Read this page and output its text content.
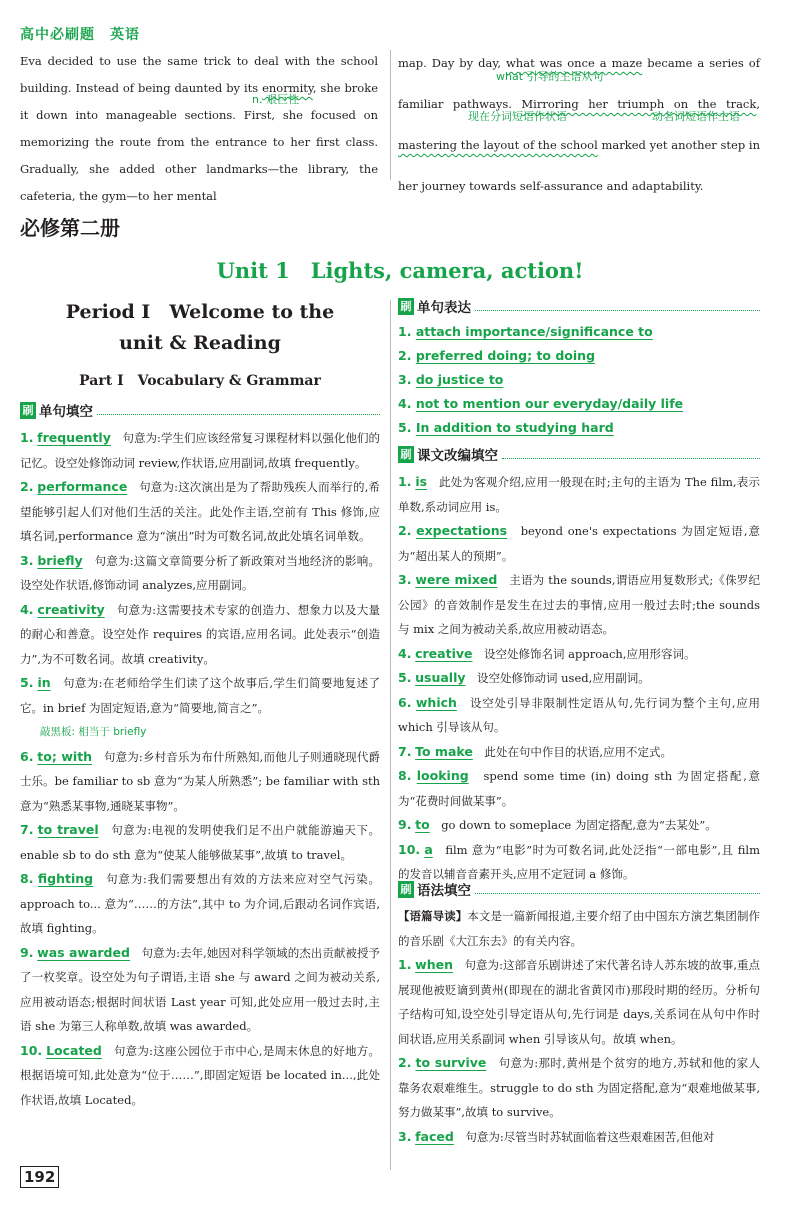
高中必刷题　 英语

Eva decided to use the same trick to deal with the school building. Instead of being daunted by its enormity, she broke it down into manageable sections. First, she focused on memorizing the route from the entrance to her first class. Gradually, she added other landmarks—the library, the cafeteria, the gym—to her mental

n. 艰巨性

map. Day by day, what was once a maze became a series of familiar pathways. Mirroring her triumph on the track, mastering the layout of the school marked yet another step in her journey towards self-assurance and adaptability.

what 引导的主语从句
现在分词短语作状语	动名词短语作主语
必修第二册
Unit 1　Lights, camera, action!
Period Ⅰ　Welcome to the
unit & Reading
Part Ⅰ　Vocabulary & Grammar
刷 单句填空

1. frequently　 句意为:学生们应该经常复习课程材料以强化他们的记忆。设空处修饰动词 review,作状语,应用副词,故填 frequently。

2. performance　 句意为:这次演出是为了帮助残疾人而举行的,希望能够引起人们对他们生活的关注。此处作主语,空前有 This 修饰,应填名词,performance 意为“演出”时为可数名词,故此处填名词单数。

3. briefly　 句意为:这篇文章简要分析了新政策对当地经济的影响。设空处作状语,修饰动词 analyzes,应用副词。

4. creativity　 句意为:这需要技术专家的创造力、想象力以及大量的耐心和善意。设空处作 requires 的宾语,应用名词。此处表示“创造力”,为不可数名词。故填 creativity。

5. in　 句意为:在老师给学生们读了这个故事后,学生们简要地复述了它。in brief 为固定短语,意为“简要地,简言之”。

敲黑板: 相当于 briefly

6. to; with　 句意为:乡村音乐为布什所熟知,而他儿子则通晓现代爵士乐。be familiar to sb 意为“为某人所熟悉”; be familiar with sth 意为“熟悉某事物,通晓某事物”。

7. to travel　 句意为:电视的发明使我们足不出户就能游遍天下。enable sb to do sth 意为“使某人能够做某事”,故填 to travel。

8. fighting　 句意为:我们需要想出有效的方法来应对空气污染。approach to... 意为“……的方法”,其中 to 为介词,后跟动名词作宾语,故填 fighting。

9. was awarded　 句意为:去年,她因对科学领域的杰出贡献被授予了一枚奖章。设空处为句子谓语,主语 she 与 award 之间为被动关系,应用被动语态;根据时间状语 Last year 可知,此处应用一般过去时,主语 she 为第三人称单数,故填 was awarded。

10. Located　 句意为:这座公园位于市中心,是周末休息的好地方。根据语境可知,此处意为“位于……”,即固定短语 be located in...,此处作状语,故填 Located。

刷 单句表达
1. attach importance/significance to
2. preferred doing; to doing
3. do justice to
4. not to mention our everyday/daily life
5. In addition to studying hard
刷 课文改编填空

1. is　 此处为客观介绍,应用一般现在时;主句的主语为 The film,表示单数,系动词应用 is。

2. expectations　 beyond one's expectations 为固定短语,意为“超出某人的预期”。

3. were mixed　 主语为 the sounds,谓语应用复数形式;《侏罗纪公园》的音效制作是发生在过去的事情,应用一般过去时;the sounds 与 mix 之间为被动关系,故应用被动语态。

4. creative　 设空处修饰名词 approach,应用形容词。

5. usually　 设空处修饰动词 used,应用副词。

6. which　 设空处引导非限制性定语从句,先行词为整个主句,应用 which 引导该从句。

7. To make　 此处在句中作目的状语,应用不定式。

8. looking　 spend some time (in) doing sth 为固定搭配,意为“花费时间做某事”。

9. to　 go down to someplace 为固定搭配,意为“去某处”。

10. a　 film 意为“电影”时为可数名词,此处泛指“一部电影”,且 film 的发音以辅音音素开头,应用不定冠词 a 修饰。

刷 语法填空

【语篇导读】本文是一篇新闻报道,主要介绍了由中国东方演艺集团制作的音乐剧《大江东去》的有关内容。

1. when　 句意为:这部音乐剧讲述了宋代著名诗人苏东坡的故事,重点展现他被贬谪到黄州(即现在的湖北省黄冈市)那段时期的经历。分析句子结构可知,设空处引导定语从句,先行词是 days,关系词在从句中作时间状语,应用关系副词 when 引导该从句。故填 when。

2. to survive　 句意为:那时,黄州是个贫穷的地方,苏轼和他的家人靠务农艰难维生。struggle to do sth 为固定搭配,意为“艰难地做某事,努力做某事”,故填 to survive。

3. faced　 句意为:尽管当时苏轼面临着这些艰难困苦,但他对

192
